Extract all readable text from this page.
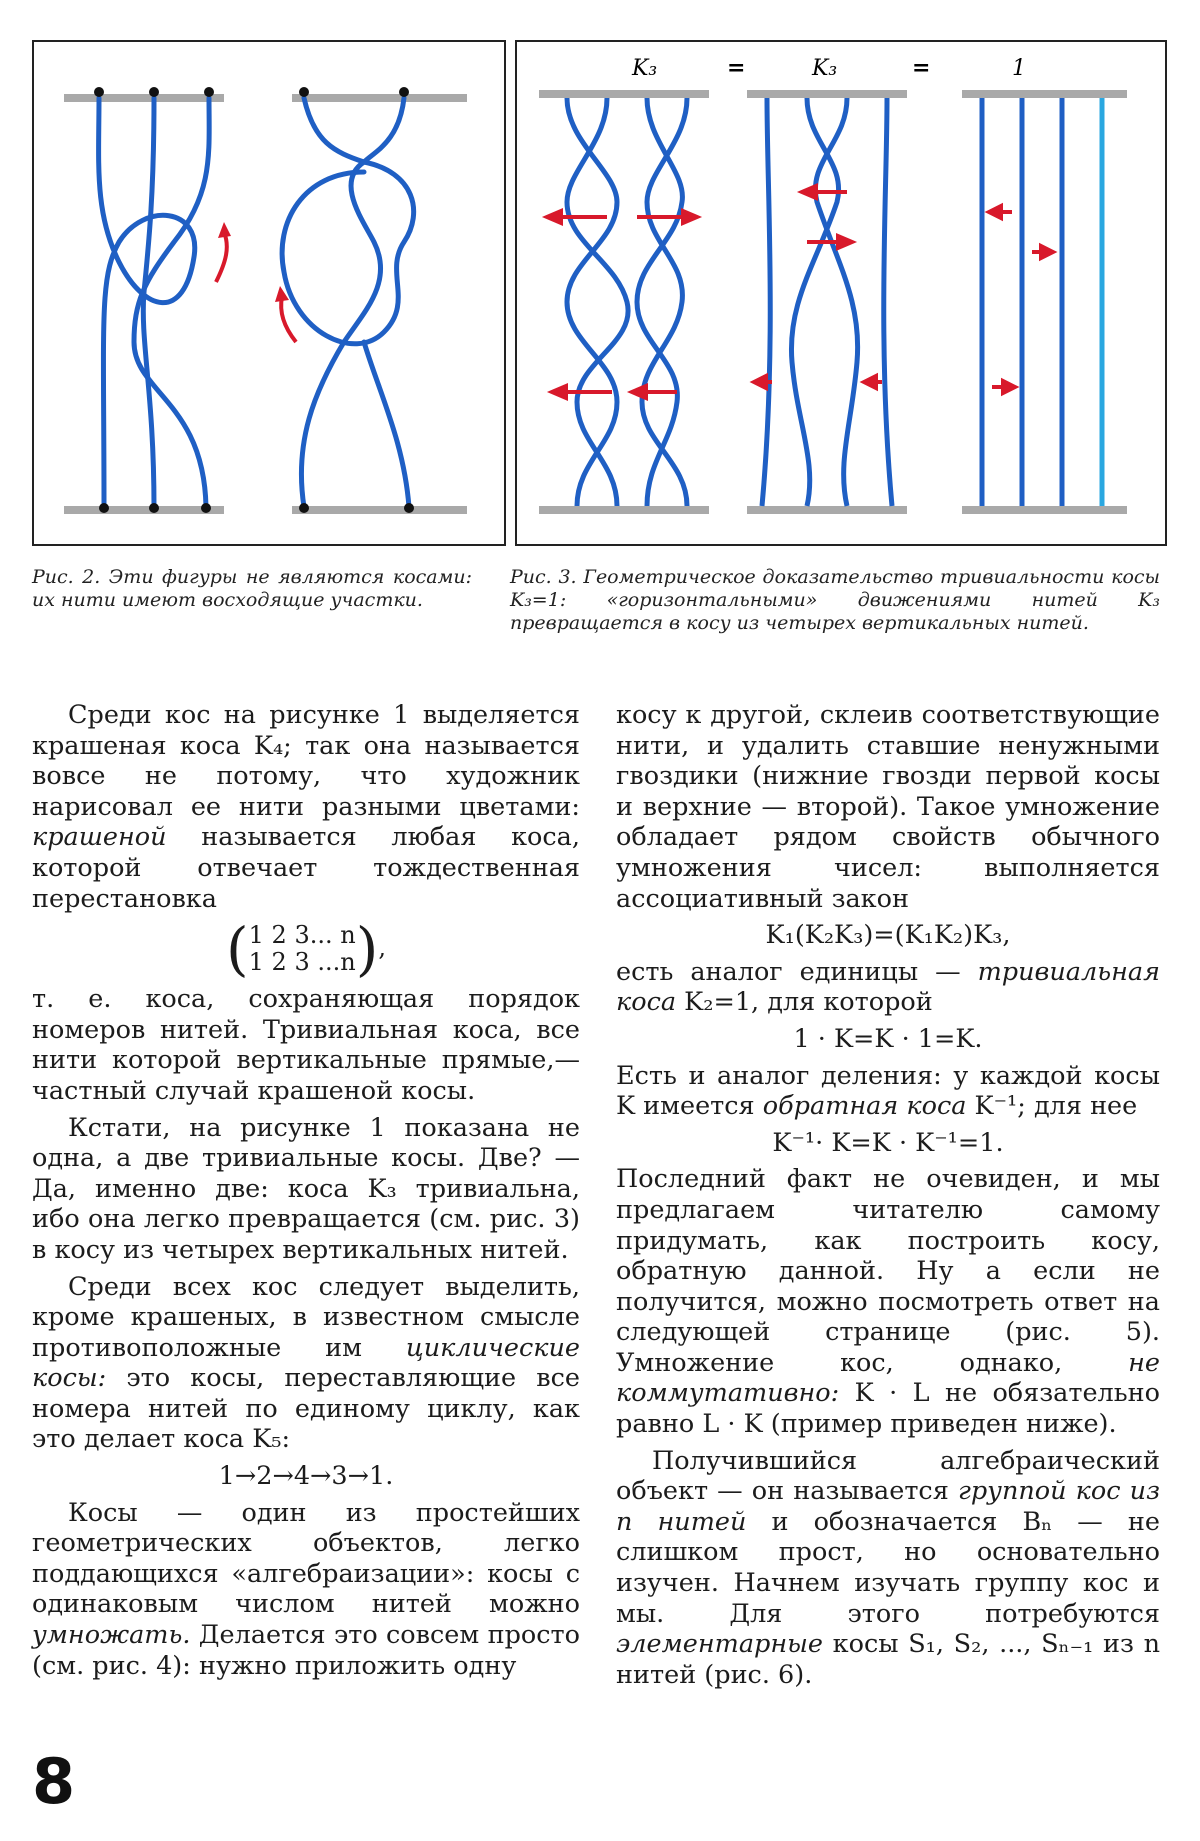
K₃	=	K₃	=	1
Рис. 2. Эти фигуры не являются косами: их нити имеют восходящие участки.
Рис. 3. Геометрическое доказательство тривиальности косы K₃=1: «горизонтальными» движениями нитей K₃ превращается в косу из четырех вертикальных нитей.

Среди кос на рисунке 1 выделяется крашеная коса K₄; так она называется вовсе не потому, что художник нарисовал ее нити разными цветами: крашеной называется любая коса, которой отвечает тождественная перестановка

(1 2 3... n
1 2 3 ...n),

т. е. коса, сохраняющая порядок номеров нитей. Тривиальная коса, все нити которой вертикальные прямые,— частный случай крашеной косы.

Кстати, на рисунке 1 показана не одна, а две тривиальные косы. Две? — Да, именно две: коса K₃ тривиальна, ибо она легко превращается (см. рис. 3) в косу из четырех вертикальных нитей.

Среди всех кос следует выделить, кроме крашеных, в известном смысле противоположные им циклические косы: это косы, переставляющие все номера нитей по единому циклу, как это делает коса K₅:

1→2→4→3→1.

Косы — один из простейших геометрических объектов, легко поддающихся «алгебраизации»: косы с одинаковым числом нитей можно умножать. Делается это совсем просто (см. рис. 4): нужно приложить одну

косу к другой, склеив соответствующие нити, и удалить ставшие ненужными гвоздики (нижние гвозди первой косы и верхние — второй). Такое умножение обладает рядом свойств обычного умножения чисел: выполняется ассоциативный закон

K₁(K₂K₃)=(K₁K₂)K₃,

есть аналог единицы — тривиальная коса K₂=1, для которой

1 · K=K · 1=K.

Есть и аналог деления: у каждой косы K имеется обратная коса K⁻¹; для нее

K⁻¹· K=K · K⁻¹=1.

Последний факт не очевиден, и мы предлагаем читателю самому придумать, как построить косу, обратную данной. Ну а если не получится, можно посмотреть ответ на следующей странице (рис. 5). Умножение кос, однако, не коммутативно: K · L не обязательно равно L · K (пример приведен ниже).

Получившийся алгебраический объект — он называется группой кос из n нитей и обозначается Bₙ — не слишком прост, но основательно изучен. Начнем изучать группу кос и мы. Для этого потребуются элементарные косы S₁, S₂, ..., Sₙ₋₁ из n нитей (рис. 6).

8
